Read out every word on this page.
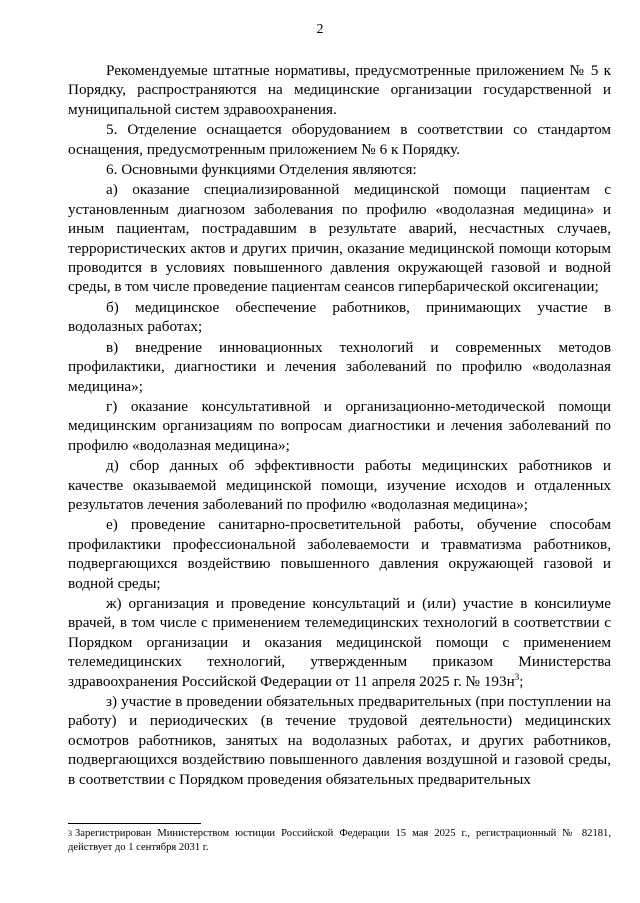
2

Рекомендуемые штатные нормативы, предусмотренные приложением № 5 к Порядку, распространяются на медицинские организации государственной и муниципальной систем здравоохранения.

5. Отделение оснащается оборудованием в соответствии со стандартом оснащения, предусмотренным приложением № 6 к Порядку.

6. Основными функциями Отделения являются:

а) оказание специализированной медицинской помощи пациентам с установленным диагнозом заболевания по профилю «водолазная медицина» и иным пациентам, пострадавшим в результате аварий, несчастных случаев, террористических актов и других причин, оказание медицинской помощи которым проводится в условиях повышенного давления окружающей газовой и водной среды, в том числе проведение пациентам сеансов гипербарической оксигенации;

б) медицинское обеспечение работников, принимающих участие в водолазных работах;

в) внедрение инновационных технологий и современных методов профилактики, диагностики и лечения заболеваний по профилю «водолазная медицина»;

г) оказание консультативной и организационно-методической помощи медицинским организациям по вопросам диагностики и лечения заболеваний по профилю «водолазная медицина»;

д) сбор данных об эффективности работы медицинских работников и качестве оказываемой медицинской помощи, изучение исходов и отдаленных результатов лечения заболеваний по профилю «водолазная медицина»;

е) проведение санитарно-просветительной работы, обучение способам профилактики профессиональной заболеваемости и травматизма работников, подвергающихся воздействию повышенного давления окружающей газовой и водной среды;

ж) организация и проведение консультаций и (или) участие в консилиуме врачей, в том числе с применением телемедицинских технологий в соответствии с Порядком организации и оказания медицинской помощи с применением телемедицинских технологий, утвержденным приказом Министерства здравоохранения Российской Федерации от 11 апреля 2025 г. № $193н^3$;

з) участие в проведении обязательных предварительных (при поступлении на работу) и периодических (в течение трудовой деятельности) медицинских осмотров работников, занятых на водолазных работах, и других работников, подвергающихся воздействию повышенного давления воздушной и газовой среды, в соответствии с Порядком проведения обязательных предварительных

$^3$ Зарегистрирован Министерством юстиции Российской Федерации 15 мая 2025 г., регистрационный № 82181, действует до 1 сентября 2031 г.
